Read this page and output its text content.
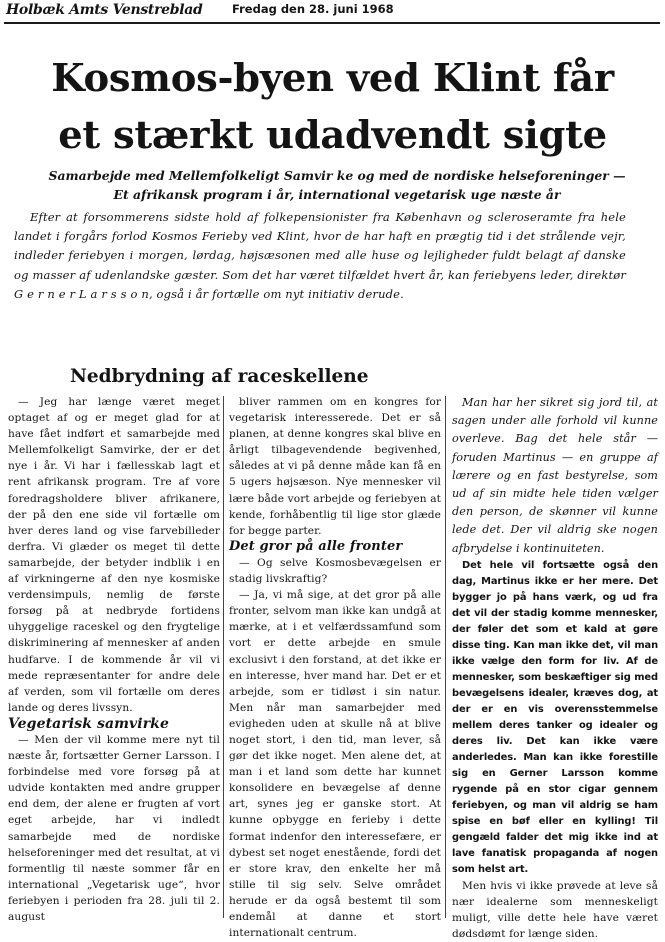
Holbæk Amts Venstreblad	Fredag den 28. juni 1968
Kosmos-byen ved Klint får
et stærkt udadvendt sigte
Samarbejde med Mellemfolkeligt Samvir ke og med de nordiske helseforeninger —
Et afrikansk program i år, international vegetarisk uge næste år
Efter at forsommerens sidste hold af folkepensionister fra København og scleroseramte fra hele landet i forgårs forlod Kosmos Ferieby ved Klint, hvor de har haft en prægtig tid i det strålende vejr, indleder feriebyen i morgen, lørdag, højsæsonen med alle huse og lejligheder fuldt belagt af danske og masser af udenlandske gæster. Som det har været tilfældet hvert år, kan feriebyens leder, direktør G e r n e r L a r s s o n, også i år fortælle om nyt initiativ derude.
Nedbrydning af raceskellene

— Jeg har længe været meget optaget af og er meget glad for at have fået indført et samarbejde med Mellemfolkeligt Samvirke, der er det nye i år. Vi har i fællesskab lagt et rent afrikansk program. Tre af vore foredragsholdere bliver afrikanere, der på den ene side vil fortælle om hver deres land og vise farvebilleder derfra. Vi glæder os meget til dette samarbejde, der betyder indblik i en af virkningerne af den nye kosmiske verdensimpuls, nemlig de første forsøg på at nedbryde fortidens uhyggelige raceskel og den frygtelige diskriminering af mennesker af anden hudfarve. I de kommende år vil vi mede repræsentanter for andre dele af verden, som vil fortælle om deres lande og deres livssyn.

Vegetarisk samvirke

— Men der vil komme mere nyt til næste år, fortsætter Gerner Larsson. I forbindelse med vore forsøg på at udvide kontakten med andre grupper end dem, der alene er frugten af vort eget arbejde, har vi indledt samarbejde med de nordiske helseforeninger med det resultat, at vi formentlig til næste sommer får en international „Vegetarisk uge“, hvor feriebyen i perioden fra 28. juli til 2. august

bliver rammen om en kongres for vegetarisk interesserede. Det er så planen, at denne kongres skal blive en årligt tilbagevendende begivenhed, således at vi på denne måde kan få en 5 ugers højsæson. Nye mennesker vil lære både vort arbejde og feriebyen at kende, forhåbentlig til lige stor glæde for begge parter.

Det gror på alle fronter

— Og selve Kosmosbevægelsen er stadig livskraftig?

— Ja, vi må sige, at det gror på alle fronter, selvom man ikke kan undgå at mærke, at i et velfærdssamfund som vort er dette arbejde en smule exclusivt i den forstand, at det ikke er en interesse, hver mand har. Det er et arbejde, som er tidløst i sin natur. Men når man samarbejder med evigheden uden at skulle nå at blive noget stort, i den tid, man lever, så gør det ikke noget. Men alene det, at man i et land som dette har kunnet konsolidere en bevægelse af denne art, synes jeg er ganske stort. At kunne opbygge en ferieby i dette format indenfor den interessefære, er dybest set noget enestående, fordi det er store krav, den enkelte her må stille til sig selv. Selve området herude er da også bestemt til som endemål at danne et stort internationalt centrum.

Man har her sikret sig jord til, at sagen under alle forhold vil kunne overleve. Bag det hele står — foruden Martinus — en gruppe af lærere og en fast bestyrelse, som ud af sin midte hele tiden vælger den person, de skønner vil kunne lede det. Der vil aldrig ske nogen afbrydelse i kontinuiteten.

Det hele vil fortsætte også den dag, Martinus ikke er her mere. Det bygger jo på hans værk, og ud fra det vil der stadig komme mennesker, der føler det som et kald at gøre disse ting. Kan man ikke det, vil man ikke vælge den form for liv. Af de mennesker, som beskæftiger sig med bevægelsens idealer, kræves dog, at der er en vis overensstemmelse mellem deres tanker og idealer og deres liv. Det kan ikke være anderledes. Man kan ikke forestille sig en Gerner Larsson komme rygende på en stor cigar gennem feriebyen, og man vil aldrig se ham spise en bøf eller en kylling! Til gengæld falder det mig ikke ind at lave fanatisk propaganda af nogen som helst art.

Men hvis vi ikke prøvede at leve så nær idealerne som menneskeligt muligt, ville dette hele have været dødsdømt for længe siden.
